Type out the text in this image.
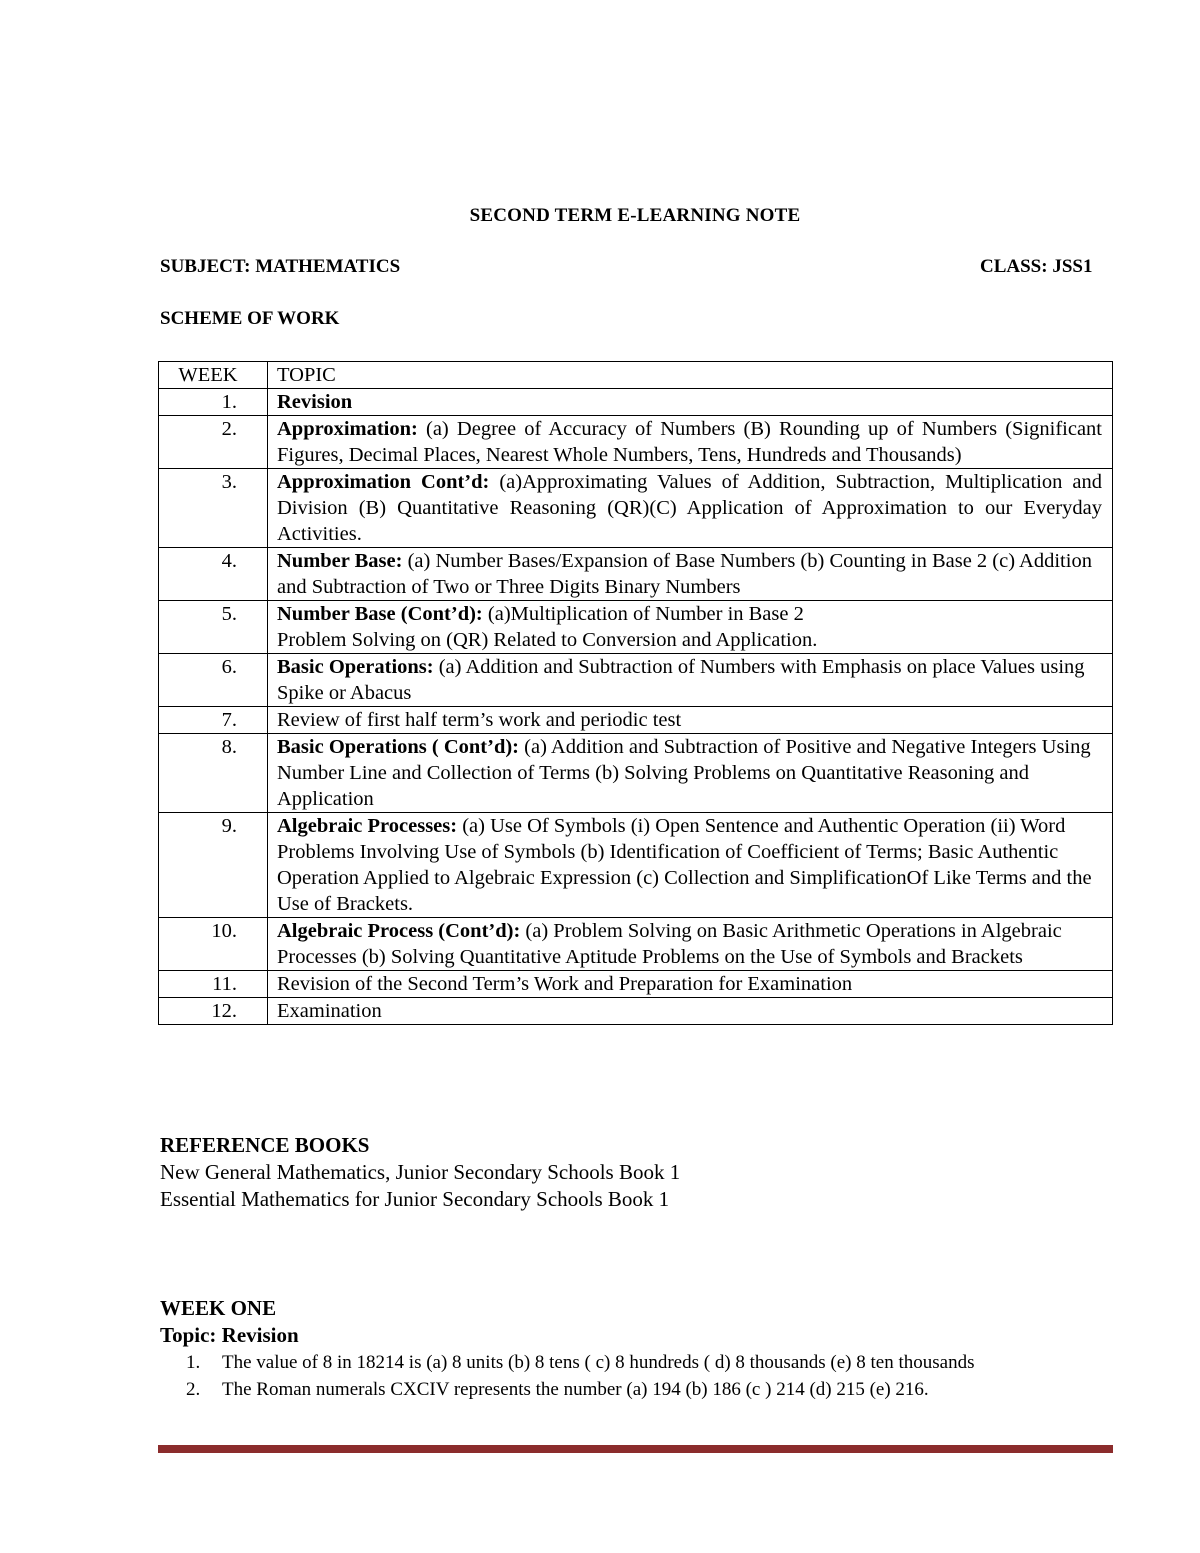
SECOND TERM E-LEARNING NOTE
SUBJECT: MATHEMATICS	CLASS: JSS1
SCHEME OF WORK
WEEK	TOPIC
1.	Revision
2.	Approximation: (a) Degree of Accuracy of Numbers (B) Rounding up of Numbers (Significant Figures, Decimal Places, Nearest Whole Numbers, Tens, Hundreds and Thousands)
3.	Approximation Cont’d: (a)Approximating Values of Addition, Subtraction, Multiplication and Division (B) Quantitative Reasoning (QR)(C) Application of Approximation to our Everyday Activities.
4.	Number Base: (a) Number Bases/Expansion of Base Numbers (b) Counting in Base 2 (c) Addition and Subtraction of Two or Three Digits Binary Numbers
5.	Number Base (Cont’d): (a)Multiplication of Number in Base 2
Problem Solving on (QR) Related to Conversion and Application.
6.	Basic Operations: (a) Addition and Subtraction of Numbers with Emphasis on place Values using Spike or Abacus
7.	Review of first half term’s work and periodic test
8.	Basic Operations ( Cont’d): (a) Addition and Subtraction of Positive and Negative Integers Using Number Line and Collection of Terms (b) Solving Problems on Quantitative Reasoning and Application
9.	Algebraic Processes: (a) Use Of Symbols (i) Open Sentence and Authentic Operation (ii) Word Problems Involving Use of Symbols (b) Identification of Coefficient of Terms; Basic Authentic Operation Applied to Algebraic Expression (c) Collection and SimplificationOf Like Terms and the Use of Brackets.
10.	Algebraic Process (Cont’d): (a) Problem Solving on Basic Arithmetic Operations in Algebraic Processes (b) Solving Quantitative Aptitude Problems on the Use of Symbols and Brackets
11.	Revision of the Second Term’s Work and Preparation for Examination
12.	Examination
REFERENCE BOOKS
New General Mathematics, Junior Secondary Schools Book 1
Essential Mathematics for Junior Secondary Schools Book 1
WEEK ONE
Topic: Revision
1. The value of 8 in 18214 is (a) 8 units (b) 8 tens ( c) 8 hundreds ( d) 8 thousands (e) 8 ten thousands
2. The Roman numerals CXCIV represents the number (a) 194 (b) 186 (c ) 214 (d) 215 (e) 216.
